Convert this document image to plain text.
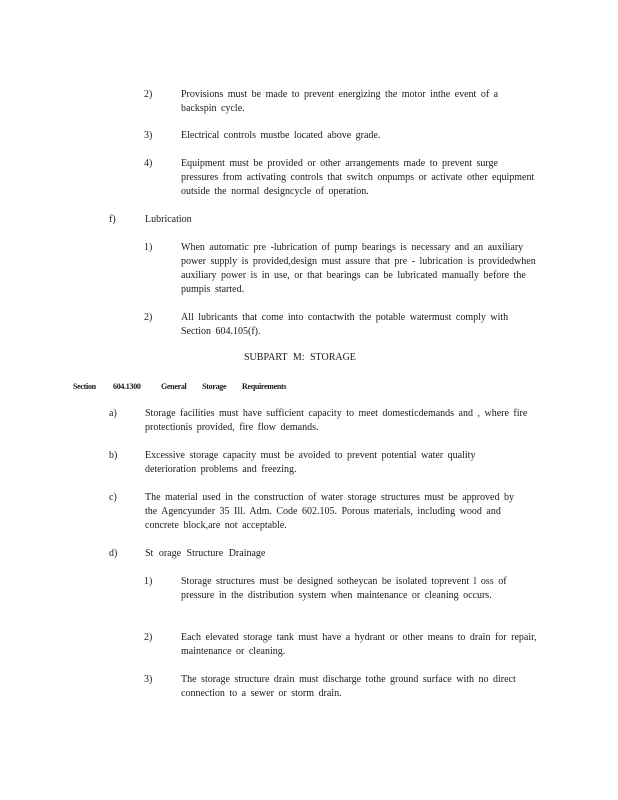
2)	Provisions must be made to prevent energizing the motor inthe event of a backspin cycle.

3)	Electrical controls mustbe located above grade.

4)	Equipment must be provided or other arrangements made to prevent surge pressures from activating controls that switch onpumps or activate other equipment outside the normal designcycle of operation.

f)	Lubrication
1)	When automatic pre -lubrication of pump bearings is necessary and an auxiliary power supply is provided,design must assure that pre - lubrication is providedwhen auxiliary power is in use, or that bearings can be lubricated manually before the pumpis started.

2)	All lubricants that come into contactwith the potable watermust comply with Section 604.105(f).

SUBPART M: STORAGE
Section 604.1300	General Storage Requirements
a)	Storage facilities must have sufficient capacity to meet domesticdemands and , where fire protectionis provided, fire flow demands.

b)	Excessive storage capacity must be avoided to prevent potential water quality deterioration problems and freezing.

c)	The material used in the construction of water storage structures must be approved by the Agencyunder 35 Ill. Adm. Code 602.105. Porous materials, including wood and concrete block,are not acceptable.

d)	St orage Structure Drainage
1)	Storage structures must be designed sotheycan be isolated toprevent l oss of pressure in the distribution system when maintenance or cleaning occurs.

2)	Each elevated storage tank must have a hydrant or other means to drain for repair, maintenance or cleaning.

3)	The storage structure drain must discharge tothe ground surface with no direct connection to a sewer or storm drain.
